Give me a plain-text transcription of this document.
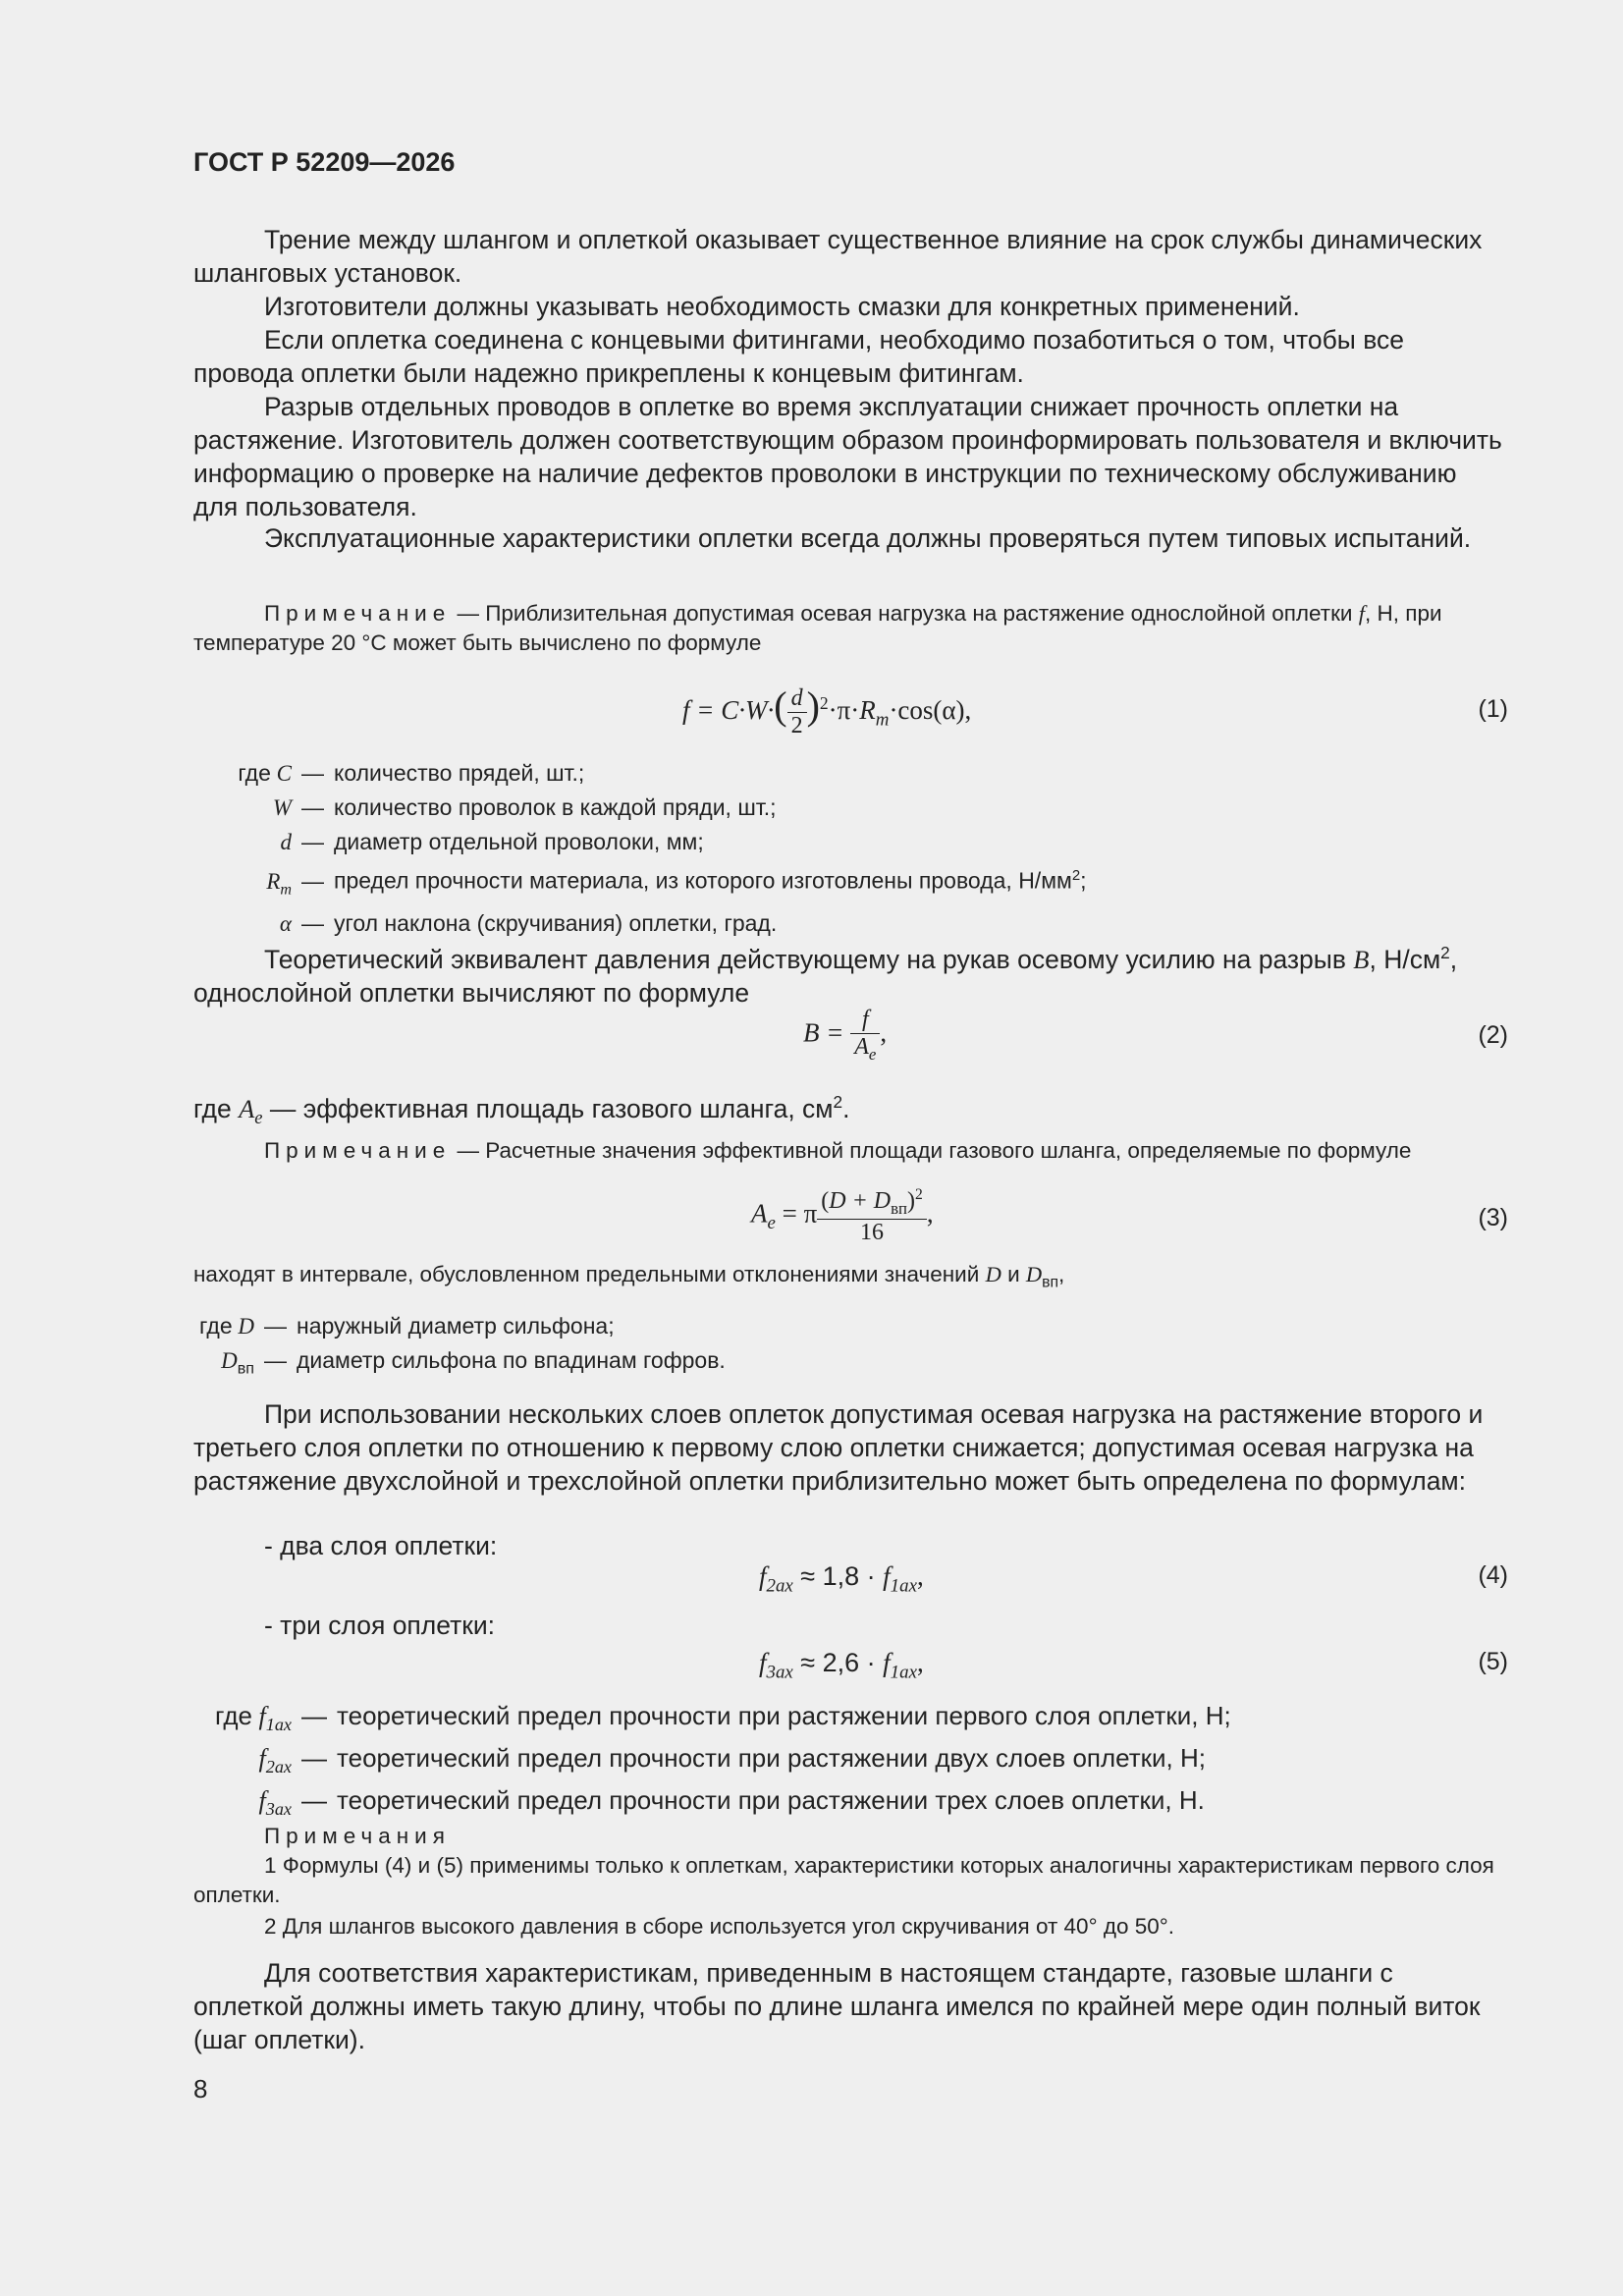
ГОСТ Р 52209—2026
Трение между шлангом и оплеткой оказывает существенное влияние на срок службы динамических шланговых установок.
Изготовители должны указывать необходимость смазки для конкретных применений.
Если оплетка соединена с концевыми фитингами, необходимо позаботиться о том, чтобы все провода оплетки были надежно прикреплены к концевым фитингам.
Разрыв отдельных проводов в оплетке во время эксплуатации снижает прочность оплетки на растяжение. Изготовитель должен соответствующим образом проинформировать пользователя и включить информацию о проверке на наличие дефектов проволоки в инструкции по техническому обслуживанию для пользователя.
Эксплуатационные характеристики оплетки всегда должны проверяться путем типовых испытаний.
Примечание — Приблизительная допустимая осевая нагрузка на растяжение однослойной оплетки f, Н, при температуре 20 °С может быть вычислено по формуле
$f = C\cdot W\cdot( \frac{d}{2} )^2\cdot\pi\cdot R_m\cdot\cos(\alpha)$,	(1)
где C — количество прядей, шт.;
W — количество проволок в каждой пряди, шт.;
d — диаметр отдельной проволоки, мм;
$R_m$ — предел прочности материала, из которого изготовлены провода, $Н/мм^2$;
α — угол наклона (скручивания) оплетки, град.
Теоретический эквивалент давления действующему на рукав осевому усилию на разрыв B, $Н/см^2$, однослойной оплетки вычисляют по формуле
$B = \frac{f}{A_e}$ ,	(2)
где $A_e$ — эффективная площадь газового шланга, $см^2$.
Примечание — Расчетные значения эффективной площади газового шланга, определяемые по формуле
$A_e = \pi \frac{(D + D_{вп})^2}{16}$ ,	(3)
находят в интервале, обусловленном предельными отклонениями значений D и $D_{вп}$,
где D — наружный диаметр сильфона;
$D_{вп}$ — диаметр сильфона по впадинам гофров.
При использовании нескольких слоев оплеток допустимая осевая нагрузка на растяжение второго и третьего слоя оплетки по отношению к первому слою оплетки снижается; допустимая осевая нагрузка на растяжение двухслойной и трехслойной оплетки приблизительно может быть определена по формулам:
- два слоя оплетки:
$f_{2ax} \approx 1,8 \cdot f_{1ax}$,	(4)
- три слоя оплетки:
$f_{3ax} \approx 2,6 \cdot f_{1ax}$,	(5)
где $f_{1ax}$ — теоретический предел прочности при растяжении первого слоя оплетки, Н;
$f_{2ax}$ — теоретический предел прочности при растяжении двух слоев оплетки, Н;
$f_{3ax}$ — теоретический предел прочности при растяжении трех слоев оплетки, Н.
Примечания
1 Формулы (4) и (5) применимы только к оплеткам, характеристики которых аналогичны характеристикам первого слоя оплетки.
2 Для шлангов высокого давления в сборе используется угол скручивания от 40° до 50°.
Для соответствия характеристикам, приведенным в настоящем стандарте, газовые шланги с оплеткой должны иметь такую длину, чтобы по длине шланга имелся по крайней мере один полный виток (шаг оплетки).
8
